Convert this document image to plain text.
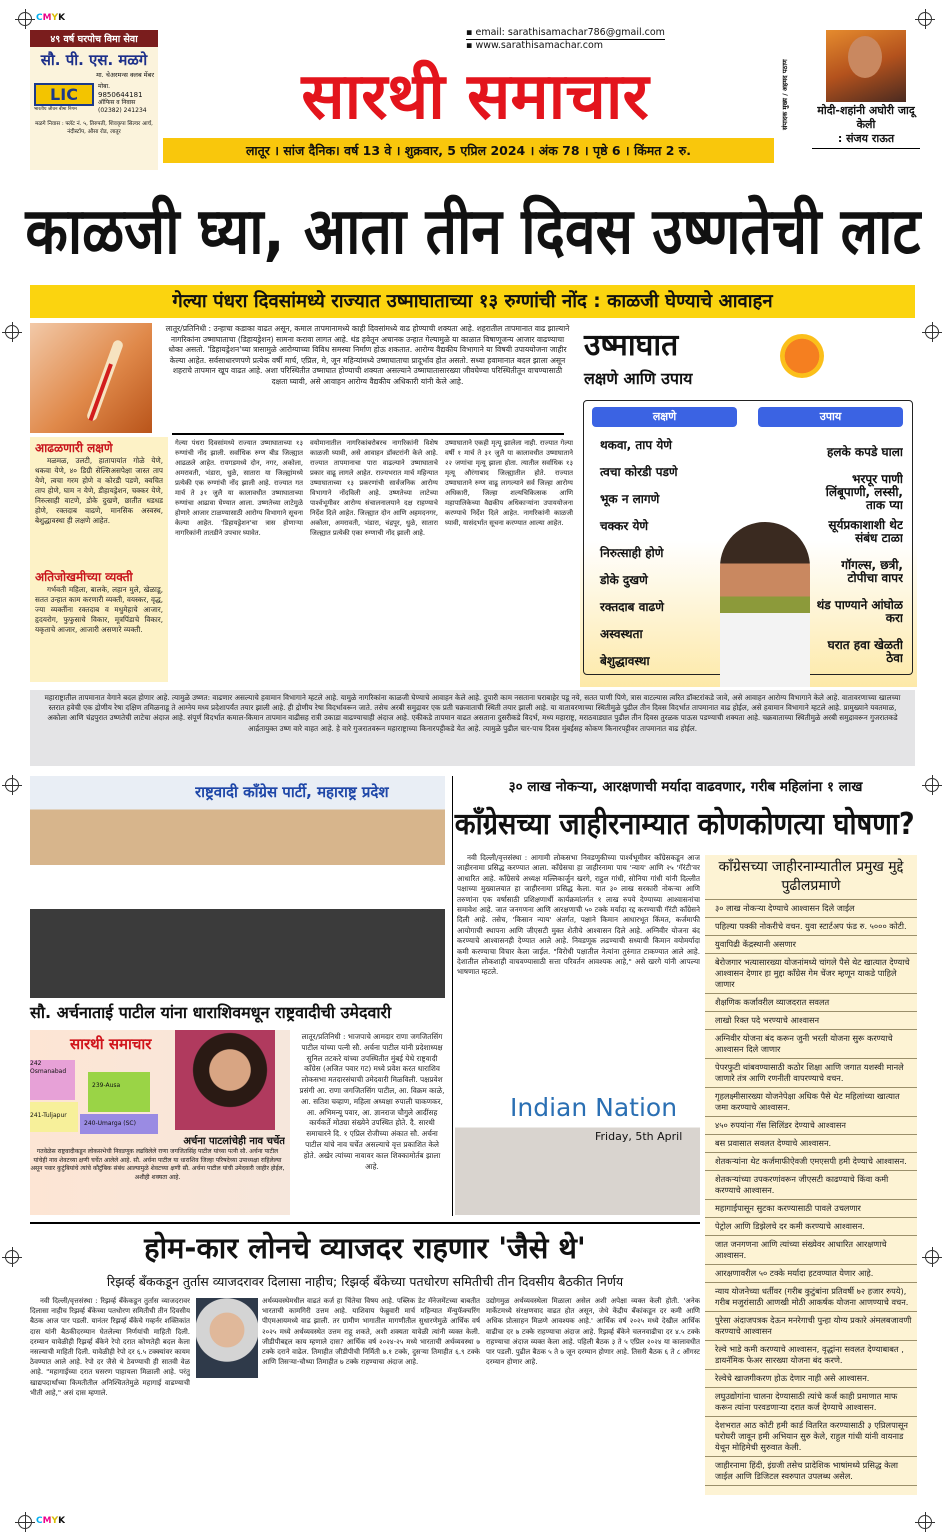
CMYK
CMYK
४९ वर्ष घरपोच विमा सेवा
सौ. पी. एस. मळगे
मा. चेअरमन्स क्लब मेंबर
LIC
भारतीय जीवन बीमा निगम
मोबा.
9850644181
ऑफिस व निवास
(02382) 241234
मळगे निवास : फ्लॅट नं. ५, तिरुपती, शिवकृपा सिल्वर आर्च, नंदीस्टॉप, औसा रोड, लातूर
▪ email: sarathisamachar786@gmail.com
▪ www.sarathisamachar.com
सारथी समाचार
लातूर । सांज दैनिक। वर्ष 13 वे । शुक्रवार, 5 एप्रिल 2024 । अंक 78 । पृष्ठे 6 । किंमत 2 रु.
संपादक मुख्य / अहमद पठाण	मोदी-शहांनी अघोरी जादू केली
: संजय राऊत
काळजी घ्या, आता तीन दिवस उष्णतेची लाट
गेल्या पंधरा दिवसांमध्ये राज्यात उष्माघाताच्या १३ रुग्णांची नोंद : काळजी घेण्याचे आवाहन
लातूर/प्रतिनिधी : उन्हाचा कडाका वाढत असून, कमाल तापमानामध्ये काही दिवसांमध्ये वाढ होण्याची शक्यता आहे. शहरातील तापमानात वाढ झाल्याने नागरिकांना उष्माघाताचा (डिहायड्रेशन) सामना करावा लागत आहे. थंड हवेतून अचानक उन्हात गेल्यामुळे या काळात विषाणूजन्य आजार वाढण्याचा धोका असतो. 'डिहायड्रेशन'च्या त्रासामुळे आरोग्याच्या विविध समस्या निर्माण होऊ शकतात. आरोग्य वैद्यकीय विभागाने या विषयी उपाययोजना जाहीर केल्या आहेत. सर्वसाधारणपणे प्रत्येक वर्षी मार्च, एप्रिल, मे, जून महिन्यांमध्ये उष्माघाताचा प्रादूर्भाव होत असतो. सध्या हवामानात बदल झाला असून शहराचे तापमान खूप वाढत आहे. अशा परिस्थितीत उष्माघात होण्याची शक्यता असल्याने उष्माघातासारख्या जीवघेण्या परिस्थितीतून वाचण्यासाठी दक्षता घ्यावी, असे आवाहन आरोग्य वैद्यकीय अधिकारी यांनी केले आहे.
आढळणारी लक्षणे
मळमळ, उलटी, हातापायांत गोळे येणे, थकवा येणे, ४० डिग्री सेल्सिअसपेक्षा जास्त ताप येणे, त्वचा गरम होणे व कोरडी पडणे, क्वचित ताप होणे, घाम न येणे, डीहायड्रेशन, चक्कर येणे, निरुत्साही वाटणे, डोके दुखणे, छातीत धडधड होणे, रक्तदाब वाढणे, मानसिक अस्वस्थ, बेशुद्धावस्था ही लक्षणे आहेत.
अतिजोखमीच्या व्यक्ती
गर्भवती महिला, बालके, लहान मुले, खेळाडू, सतत उन्हात काम करणारी व्यक्ती, वयस्कर, वृद्ध, ज्या व्यक्तींना रक्तदाब व मधुमेहाचे आजार, हृदयरोग, फुफुसाचे विकार, मूत्रपिंडाचे विकार, यकृताचे आजार, आजारी असणारे व्यक्ती.
गेल्या पंधरा दिवसांमध्ये राज्यात उष्माघाताच्या १३ रुग्णांची नोंद झाली. सर्वाधिक रुग्ण बीड जिल्ह्यात आढळले आहेत. रायगडमध्ये दोन, नगर, अकोला, अमरावती, भंडारा, धुळे, सातारा या जिल्ह्यांमध्ये प्रत्येकी एक रुग्णांची नोंद झाली आहे. राज्यात गत मार्च ते ३१ जुलै या कालावधीत उष्माघाताच्या रुग्णांचा आढावा घेण्यात आला. उष्णतेच्या लाटेमुळे होणारे आजार टाळण्यासाठी आरोग्य विभागाने सूचना केल्या आहेत. 'डिहायड्रेशन'चा त्रास होणाऱ्या नागरिकांनी तातडीने उपचार घ्यावेत.
वयोमानातील नागरिकांबरोबरच नागरिकांनी विशेष काळजी घ्यावी, असे आवाहन डॉक्टरांनी केले आहे. राज्यात तापमानाचा पारा वाढल्याने उष्माघाताचे प्रकार वाढू लागले आहेत. राज्यभरात मार्च महिन्यात उष्माघाताच्या १३ प्रकरणांची सार्वजनिक आरोग्य विभागाने नोंदविली आहे. उष्णतेच्या लाटेच्या पार्श्वभूमीवर आरोग्य संचालनालयाने दक्ष राहण्याचे निर्देश दिले आहेत. जिल्ह्यात दोन आणि अहमदनगर, अकोला, अमरावती, भंडारा, चंद्रपूर, धुळे, सातारा जिल्ह्यात प्रत्येकी एका रुग्णाची नोंद झाली आहे.
उष्माघाताने एकही मृत्यू झालेला नाही. राज्यात गेल्या वर्षी १ मार्च ते ३१ जुलै या कालावधीत उष्माघाताने २२ जणांचा मृत्यू झाला होता. त्यातील सर्वाधिक १३ मृत्यू औरंगाबाद जिल्ह्यातील होते. राज्यात उष्माघाताने रुग्ण वाढू लागल्याने सर्व जिल्हा आरोग्य अधिकारी, जिल्हा शल्यचिकित्सक आणि महापालिकेच्या वैद्यकीय अधिकाऱ्यांना उपाययोजना करण्याचे निर्देश दिले आहेत. नागरिकांनी काळजी घ्यावी, यासंदर्भात सूचना करण्यात आल्या आहेत.
उष्माघात
लक्षणे आणि उपाय
लक्षणे	उपाय
थकवा, ताप येणे
त्वचा कोरडी पडणे
भूक न लागणे
चक्कर येणे
निरुत्साही होणे
डोके दुखणे
रक्तदाब वाढणे
अस्वस्थता
बेशुद्धावस्था
हलके कपडे घाला
भरपूर पाणी लिंबूपाणी, लस्सी, ताक प्या
सूर्यप्रकाशाशी थेट संबंध टाळा
गॉगल्स, छत्री, टोपीचा वापर
थंड पाण्याने आंघोळ करा
घरात हवा खेळती ठेवा
महाराष्ट्रातील तापमानात वेगाने बदल होणार आहे. त्यामुळे उष्णत: वाढणार असल्याचे हवामान विभागाने म्हटले आहे. यामुळे नागरिकांना काळजी घेण्याचे आवाहन केले आहे. दुपारी काम नसताना घराबाहेर पडू नये, सतत पाणी पिणे, त्रास वाटल्यास त्वरित डॉक्टरांकडे जावे, असे आवाहन आरोग्य विभागाने केले आहे. वातावरणाच्या खालच्या स्तरात हवेची एक द्रोणीय रेषा दक्षिण तमिळनाडू ते आग्नेय मध्य प्रदेशापर्यंत तयार झाली आहे. ही द्रोणीय रेषा विदर्भावरून जाते. तसेच अरबी समुद्रावर एक प्रती चक्रवाताची स्थिती तयार झाली आहे. या वातावरणाच्या स्थितीमुळे पुढील तीन दिवस विदर्भात तापमानात वाढ होईल, असे हवामान विभागाने म्हटले आहे. प्रामुख्याने यवतमाळ, अकोला आणि चंद्रपुरात उष्णतेची लाटेचा अंदाज आहे. संपूर्ण विदर्भात कमाल-किमान तापमान वाढीसह रात्री उकाडा वाढण्याचाही अंदाज आहे. एकीकडे तापमान वाढत असताना दुसरीकडे विदर्भ, मध्य महाराष्ट्र, मराठवाड्यात पुढील तीन दिवस तुरळक पाऊस पडण्याची शक्यता आहे. चक्रवाताच्या स्थितीमुळे अरबी समुद्रावरून गुजरातकडे आर्द्रतायुक्त उष्ण वारे वाहत आहे. हे वारे गुजरातवरून महाराष्ट्राच्या किनारपट्टीकडे येत आहे. त्यामुळे पुढील चार-पाच दिवस मुंबईसह कोकण किनारपट्टीवर तापमानात वाढ होईल.
राष्ट्रवादी काँग्रेस पार्टी, महाराष्ट्र प्रदेश
सौ. अर्चनाताई पाटील यांना धाराशिवमधून राष्ट्रवादीची उमेदवारी
242 Osmanabad
239-Ausa
241-Tuljapur
240-Umarga (SC)
सारथी समाचार
अर्चना पाटलांचेही नाव चर्चेत
गतवेळेस राष्ट्रवादीकडून लोकसभेची निवडणूक लढविलेले राणा जगजितसिंह पाटील यांच्या पत्नी सौ. अर्चना पाटील यांचेही नाव शेवटच्या क्षणी चर्चेत आलेले आहे. सौ. अर्चना पाटील या धाराशिव जिल्हा परिषदेच्या उपाध्यक्षा राहिलेल्या असून पवार कुटुंबियांचे त्यांचे कौटुंबिक संबंध आल्यामुळे शेवटच्या क्षणी सौ. अर्चना पाटील यांची उमेदवारी जाहीर होईल, अशीही शक्यता आहे.
लातूर/प्रतिनिधी : भाजपाचे आमदार राणा जगजितसिंग पाटील यांच्या पत्नी सौ. अर्चना पाटील यांनी प्रदेशाध्यक्ष सुनिल तटकरे यांच्या उपस्थितीत मुंबई येथे राष्ट्रवादी काँग्रेस (अजित पवार गट) मध्ये प्रवेश करत धाराशिव लोकसभा मतदारसंघाची उमेदवारी मिळविली. पक्षप्रवेश प्रसंगी आ. राणा जगजितसिंग पाटील, आ. विक्रम काळे, आ. सतिश चव्हाण, महिला अध्यक्षा रुपाली चाकणकर, आ. अभिमन्यू पवार, आ. ज्ञानराज चौगुले आदींसह कार्यकर्ते मोठ्या संख्येने उपस्थित होते. दै. सारथी समाचारने दि. १ एप्रिल रोजीच्या अंकात सौ. अर्चना पाटील यांचे नाव चर्चेत असल्याचे वृत्त प्रकाशित केले होते. अखेर त्यांच्या नावावर काल शिक्कामोर्तब झाला आहे.
३० लाख नोकऱ्या, आरक्षणाची मर्यादा वाढवणार, गरीब महिलांना १ लाख
काँग्रेसच्या जाहीरनाम्यात कोणकोणत्या घोषणा?
नवी दिल्ली/वृत्तसंस्था : आगामी लोकसभा निवडणुकीच्या पार्श्वभूमीवर काँग्रेसकडून आज जाहीरनामा प्रसिद्ध करण्यात आला. काँग्रेसचा हा जाहीरनामा पाच 'न्याय' आणि २५ 'गॅरंटी'वर आधारित आहे. काँग्रेसचे अध्यक्ष मल्लिकार्जुन खरगे, राहुल गांधी, सोनिया गांधी यांनी दिल्लीत पक्षाच्या मुख्यालयात हा जाहीरनामा प्रसिद्ध केला. यात ३० लाख सरकारी नोकऱ्या आणि तरुणांना एक वर्षासाठी प्रशिक्षणार्थी कार्यक्रमांतर्गत १ लाख रुपये देण्याच्या आश्वासनांचा समावेश आहे. जात जनगणना आणि आरक्षणाची ५० टक्के मर्यादा रद्द करण्याची गॅरंटी काँग्रेसने दिली आहे. तसेच, 'किसान न्याय' अंतर्गत, पक्षाने किमान आधारभूत किंमत, कर्जमाफी आयोगाची स्थापना आणि जीएसटी मुक्त शेतीचे आश्वासन दिले आहे. अग्निवीर योजना बंद करण्याचे आश्वासनही देण्यात आले आहे. निवडणूक लढण्याची सध्याची किमान वयोमर्यादा कमी करण्याचा विचार केला जाईल. "विरोधी पक्षातील नेत्यांना तुरुंगात टाकण्यात आले आहे. देशातील लोकशाही वाचवण्यासाठी सत्ता परिवर्तन आवश्यक आहे," असे खरगे यांनी आपल्या भाषणात म्हटले.
Indian Nation
Friday, 5th April
काँग्रेसच्या जाहीरनाम्यातील प्रमुख मुद्दे पुढीलप्रमाणे
३० लाख नोकऱ्या देण्याचे आश्वासन दिले जाईल
पहिल्या पक्की नोकरीचे वचन. युवा स्टार्टअप फंड रु. ५००० कोटी.
युवापिढी केंद्रस्थानी असणार
बेरोजगार भत्यासारख्या योजनांमध्ये चांगले पैसे थेट खात्यात देण्याचे आश्वासन देणार हा मुद्दा काँग्रेस गेम चेंजर म्हणून याकडे पाहिले जाणार
शैक्षणिक कर्जावरील व्याजदरात सवलत
लाखो रिक्त पदे भरण्याचे आश्वासन
अग्निवीर योजना बंद करून जुनी भरती योजना सुरू करण्याचे आश्वासन दिले जाणार
पेपरफुटी थांबवण्यासाठी कठोर शिक्षा आणि जगात यशस्वी मानले जाणारे तंत्र आणि रणनीती वापरण्याचे वचन.
गृहलक्ष्मीसारख्या योजनेपेक्षा अधिक पैसे थेट महिलांच्या खात्यात जमा करण्याचे आश्वासन.
४५० रुपयांना गॅस सिलिंडर देण्याचे आश्वासन
बस प्रवासात सवलत देण्याचे आश्वासन.
शेतकऱ्यांना थेट कर्जमाफीऐवजी एमएसपी हमी देण्याचे आश्वासन.
शेतकऱ्यांच्या उपकरणांवरून जीएसटी काढण्याचे किंवा कमी करण्याचे आश्वासन.
महागाईपासून सुटका करण्यासाठी पावले उचलणार
पेट्रोल आणि डिझेलचे दर कमी करण्याचे आश्वासन.
जात जनगणना आणि त्यांच्या संख्येवर आधारित आरक्षणाचे आश्वासन.
आरक्षणावरील ५० टक्के मर्यादा हटवण्यात येणार आहे.
न्याय योजनेच्या धर्तीवर (गरीब कुटुंबांना प्रतिवर्षी ७२ हजार रुपये), गरीब मजुरांसाठी आणखी मोठी आकर्षक योजना आणण्याचे वचन.
पुरेसा अंदाजपत्रक देऊन मनरेगाची पुन्हा योग्य प्रकारे अंमलबजावणी करण्याचे आश्वासन
रेल्वे भाडे कमी करण्याचे आश्वासन, वृद्धांना सवलत देण्याबाबत , डायनॅमिक फेअर सारख्या योजना बंद करणे.
रेल्वेचे खाजगीकरण होऊ देणार नाही असे आश्वासन.
लघुउद्योगांना चालना देण्यासाठी त्यांचे कर्ज काही प्रमाणात माफ करून त्यांना परवडणाऱ्या दरात कर्ज देण्याचे आश्वासन.
देशभरात आठ कोटी हमी कार्ड वितरित करण्यासाठी ३ एप्रिलपासून घरोघरी जावून हमी अभियान सुरु केले, राहुल गांधी यांनी वायनाड येथून मोहिमेची सुरुवात केली.
जाहीरनामा हिंदी, इंग्रजी तसेच प्रादेशिक भाषांमध्ये प्रसिद्ध केला जाईल आणि डिजिटल स्वरुपात उपलब्ध असेल.
होम-कार लोनचे व्याजदर राहणार 'जैसे थे'
रिझर्व्ह बँककडून तुर्तास व्याजदरावर दिलासा नाहीच; रिझर्व्ह बँकेच्या पतधोरण समितीची तीन दिवसीय बैठकीत निर्णय
नवी दिल्ली/वृत्तसंस्था : रिझर्व्ह बँकेकडून तुर्तास व्याजदरावर दिलासा नाहीच रिझर्व्ह बँकेच्या पतधोरण समितीची तीन दिवसीय बैठक आज पार पडली. यानंतर रिझर्व्ह बँकेचे गव्हर्नर शक्तिकांत दास यांनी बैठकीदरम्यान घेतलेल्या निर्णयांची माहिती दिली. दरम्यान यावेळीही रिझर्व्ह बँकेने रेपो दरात कोणतेही बदल केला नसल्याची माहिती दिली. यावेळीही रेपो दर ६.५ टक्क्यांवर कायम ठेवण्यात आले आहे. रेपो दर जैसे थे ठेवण्याची ही सातवी वेळ आहे. "महागाईच्या दरात घसरण पाहायला मिळाली आहे. परंतु खाद्यपदार्थांच्या किमतीतील अनिश्चिततेमुळे महागाई वाढण्याची भीती आहे," असं दास म्हणाले.
अर्थव्यवस्थेमधील वाढतं कर्ज हा चिंतेचा विषय आहे. पब्लिक डेट मॅनेजमेंटच्या बाबतीत भारताची कामगिरी उत्तम आहे. याशिवाय फेब्रुवारी मार्च महिन्यात मॅन्युफॅक्चरिंग पीएमआयमध्ये वाढ झाली. तर ग्रामीण भागातील मागणीतील सुधारणेमुळे आर्थिक वर्ष २०२५ मध्ये अर्थव्यवस्थेत उत्तम राहू शकते, अशी शक्यता यावेळी त्यांनी व्यक्त केली. जीडीपीबद्दल काय म्हणाले दास? आर्थिक वर्ष २०२४-२५ मध्ये भारताची अर्थव्यवस्था ७ टक्के दराने वाढेल. तिमाहीत जीडीपीची निर्मिती ७.१ टक्के, दुसऱ्या तिमाहीत ६.९ टक्के आणि तिसऱ्या-चौथ्या तिमाहीत ७ टक्के राहण्याचा अंदाज आहे.
उद्योगमुळ अर्थव्यवस्थेला मिळाला असेल अशी अपेक्षा व्यक्त केली होती. 'अनेक मार्केटमध्ये संरक्षणवाद वाढत होत असून, जेथे केंद्रीय बँकांकडून दर कमी आणि अधिक प्रोत्साहन मिळणे आवश्यक आहे.' आर्थिक वर्ष २०२५ मध्ये देखील आर्थिक वाढीचा दर ७ टक्के राहण्याचा अंदाज आहे. रिझर्व्ह बँकेने चलनवाढीचा दर ४.५ टक्के राहण्याचा अंदाज व्यक्त केला आहे. पहिली बैठक ३ ते ५ एप्रिल २०२४ या कालावधीत पार पडली. पुढील बैठक ५ ते ७ जून दरम्यान होणार आहे. तिसरी बैठक ६ ते ८ ऑगस्ट दरम्यान होणार आहे.
